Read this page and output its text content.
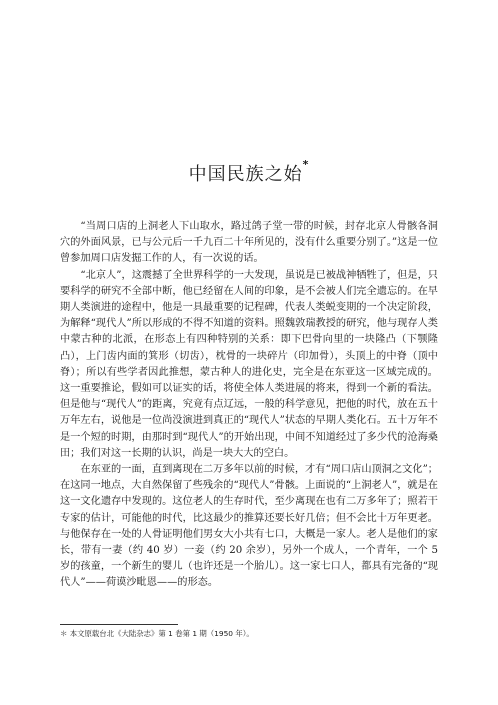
中国民族之始*

“当周口店的上洞老人下山取水，路过鸽子堂一带的时候，封存北京人骨骸各洞穴的外面风景，已与公元后一千九百二十年所见的，没有什么重要分别了。”这是一位曾参加周口店发掘工作的人，有一次说的话。

“北京人”，这震撼了全世界科学的一大发现，虽说是已被战神牺牲了，但是，只要科学的研究不全部中断，他已经留在人间的印象，是不会被人们完全遗忘的。在早期人类演进的途程中，他是一具最重要的记程碑，代表人类蜕变期的一个决定阶段，为解释“现代人”所以形成的不得不知道的资料。照魏敦瑞教授的研究，他与现存人类中蒙古种的北派，在形态上有四种特别的关系：即下巴骨向里的一块隆凸（下颚隆凸），上门齿内面的箕形（切齿），枕骨的一块碎片（印加骨），头顶上的中脊（顶中脊）；所以有些学者因此推想，蒙古种人的进化史，完全是在东亚这一区域完成的。这一重要推论，假如可以证实的话，将使全体人类进展的将来，得到一个新的看法。但是他与“现代人”的距离，究竟有点辽远，一般的科学意见，把他的时代，放在五十万年左右，说他是一位尚没演进到真正的“现代人”状态的早期人类化石。五十万年不是一个短的时期，由那时到“现代人”的开始出现，中间不知道经过了多少代的沧海桑田；我们对这一长期的认识，尚是一块大大的空白。

在东亚的一面，直到离现在二万多年以前的时候，才有“周口店山顶洞之文化”；在这同一地点，大自然保留了些残余的“现代人”骨骸。上面说的“上洞老人”，就是在这一文化遗存中发现的。这位老人的生存时代，至少离现在也有二万多年了；照若干专家的估计，可能他的时代，比这最少的推算还要长好几倍；但不会比十万年更老。与他保存在一处的人骨证明他们男女大小共有七口，大概是一家人。老人是他们的家长，带有一妻（约 40 岁）一妾（约 20 余岁），另外一个成人，一个青年，一个 5 岁的孩童，一个新生的婴儿（也许还是一个胎儿）。这一家七口人，都具有完备的“现代人”——荷谟沙毗恩——的形态。

＊ 本文原载台北《大陆杂志》第 1 卷第 1 期（1950 年）。
